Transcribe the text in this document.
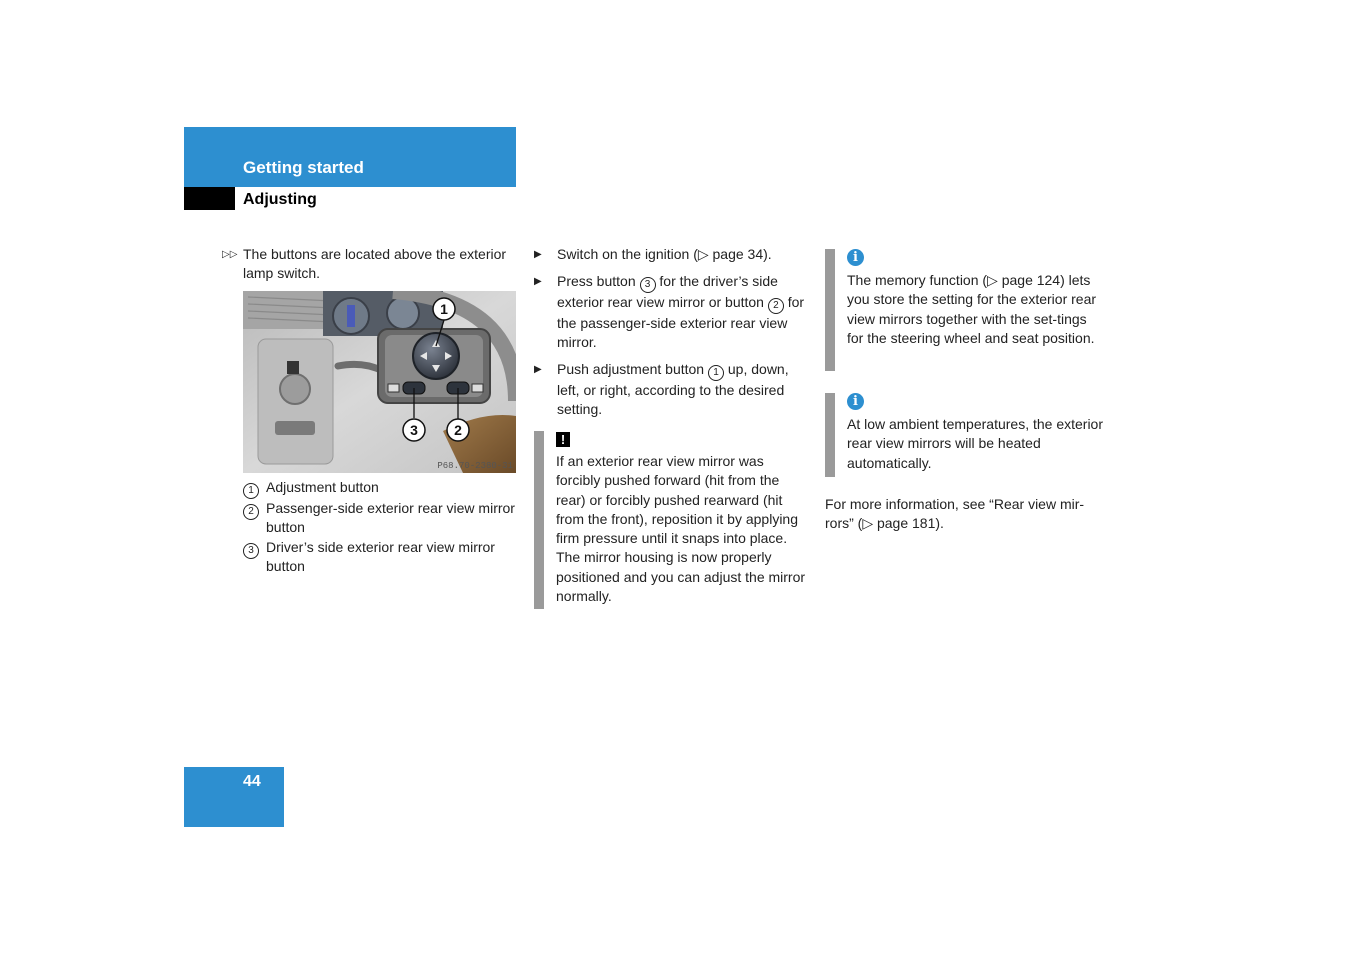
Getting started
Adjusting
▷▷ The buttons are located above the exterior lamp switch.
1
3	2
P68.70-2380-31
1 Adjustment button
2 Passenger-side exterior rear view mirror button
3 Driver’s side exterior rear view mirror button
▶	Switch on the ignition (▷ page 34).
▶	Press button 3 for the driver’s side exterior rear view mirror or button 2 for the passenger-side exterior rear view mirror.
▶	Push adjustment button 1 up, down, left, or right, according to the desired setting.
!
If an exterior rear view mirror was forcibly pushed forward (hit from the rear) or forcibly pushed rearward (hit from the front), reposition it by applying firm pressure until it snaps into place. The mirror housing is now properly positioned and you can adjust the mirror normally.
i
The memory function (▷ page 124) lets you store the setting for the exterior rear view mirrors together with the set-tings for the steering wheel and seat position.
i
At low ambient temperatures, the exterior rear view mirrors will be heated automatically.
For more information, see “Rear view mir-rors” (▷ page 181).
44
